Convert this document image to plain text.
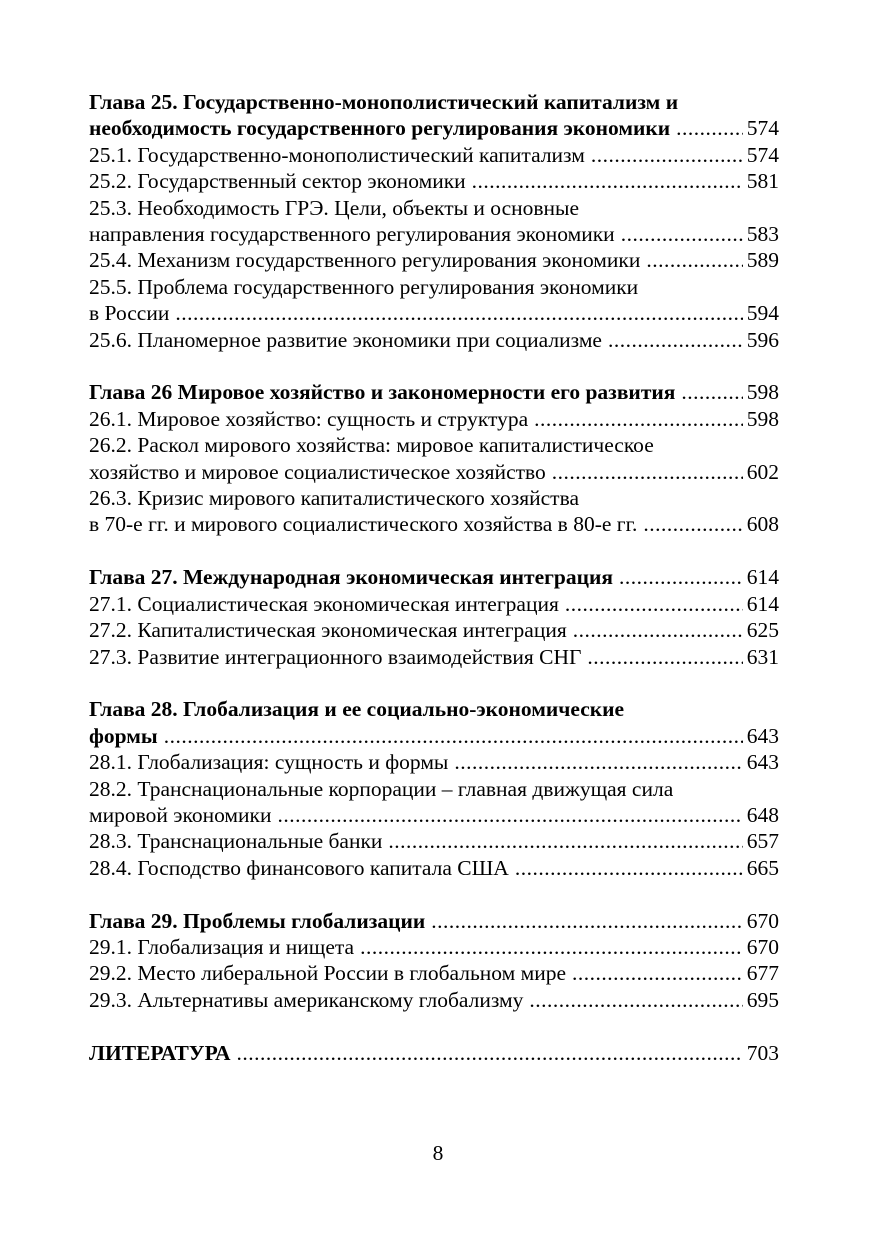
Глава 25. Государственно-монополистический капитализм и
необходимость государственного регулирования экономики .....	574
25.1. Государственно-монополистический капитализм .....	574
25.2. Государственный сектор экономики .....	581
25.3. Необходимость ГРЭ. Цели, объекты и основные
направления государственного регулирования экономики .....	583
25.4. Механизм государственного регулирования экономики .....	589
25.5. Проблема государственного регулирования экономики
в России .....	594
25.6. Планомерное развитие экономики при социализме .....	596
Глава 26 Мировое хозяйство и закономерности его развития .....	598
26.1. Мировое хозяйство: сущность и структура .....	598
26.2. Раскол мирового хозяйства: мировое капиталистическое
хозяйство и мировое социалистическое хозяйство .....	602
26.3. Кризис мирового капиталистического хозяйства
в 70-е гг. и мирового социалистического хозяйства в 80-е гг. .....	608
Глава 27. Международная экономическая интеграция .....	614
27.1. Социалистическая экономическая интеграция .....	614
27.2. Капиталистическая экономическая интеграция .....	625
27.3. Развитие интеграционного взаимодействия СНГ .....	631
Глава 28. Глобализация и ее социально-экономические
формы .....	643
28.1. Глобализация: сущность и формы .....	643
28.2. Транснациональные корпорации – главная движущая сила
мировой экономики .....	648
28.3. Транснациональные банки .....	657
28.4. Господство финансового капитала США .....	665
Глава 29. Проблемы глобализации .....	670
29.1. Глобализация и нищета .....	670
29.2. Место либеральной России в глобальном мире .....	677
29.3. Альтернативы американскому глобализму .....	695
ЛИТЕРАТУРА .....	703
8
